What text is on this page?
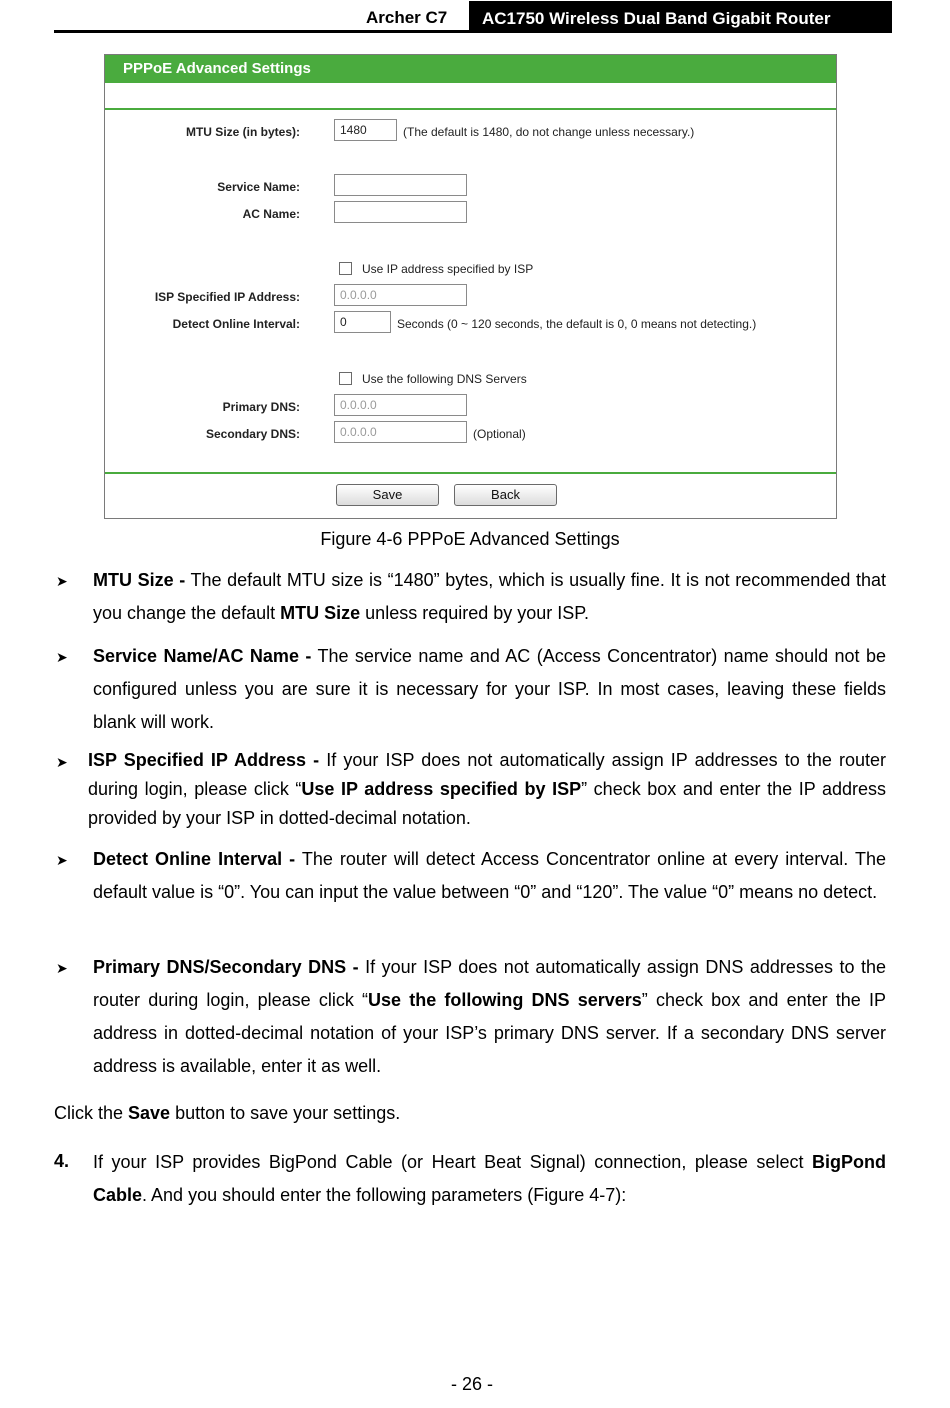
Archer C7	AC1750 Wireless Dual Band Gigabit Router
PPPoE Advanced Settings
MTU Size (in bytes):	1480	(The default is 1480, do not change unless necessary.)
Service Name:
AC Name:
Use IP address specified by ISP
ISP Specified IP Address:	0.0.0.0
Detect Online Interval:	0	Seconds (0 ~ 120 seconds, the default is 0, 0 means not detecting.)
Use the following DNS Servers
Primary DNS:	0.0.0.0
Secondary DNS:	0.0.0.0	(Optional)
Save	Back
Figure 4-6 PPPoE Advanced Settings
➤ MTU Size - The default MTU size is “1480” bytes, which is usually fine. It is not recommended that you change the default MTU Size unless required by your ISP.
➤ Service Name/AC Name - The service name and AC (Access Concentrator) name should not be configured unless you are sure it is necessary for your ISP. In most cases, leaving these fields blank will work.
➤ ISP Specified IP Address - If your ISP does not automatically assign IP addresses to the router during login, please click “Use IP address specified by ISP” check box and enter the IP address provided by your ISP in dotted-decimal notation.
➤ Detect Online Interval - The router will detect Access Concentrator online at every interval. The default value is “0”. You can input the value between “0” and “120”. The value “0” means no detect.
➤ Primary DNS/Secondary DNS - If your ISP does not automatically assign DNS addresses to the router during login, please click “Use the following DNS servers” check box and enter the IP address in dotted-decimal notation of your ISP’s primary DNS server. If a secondary DNS server address is available, enter it as well.
Click the Save button to save your settings.
4. If your ISP provides BigPond Cable (or Heart Beat Signal) connection, please select BigPond Cable. And you should enter the following parameters (Figure 4-7):
- 26 -
